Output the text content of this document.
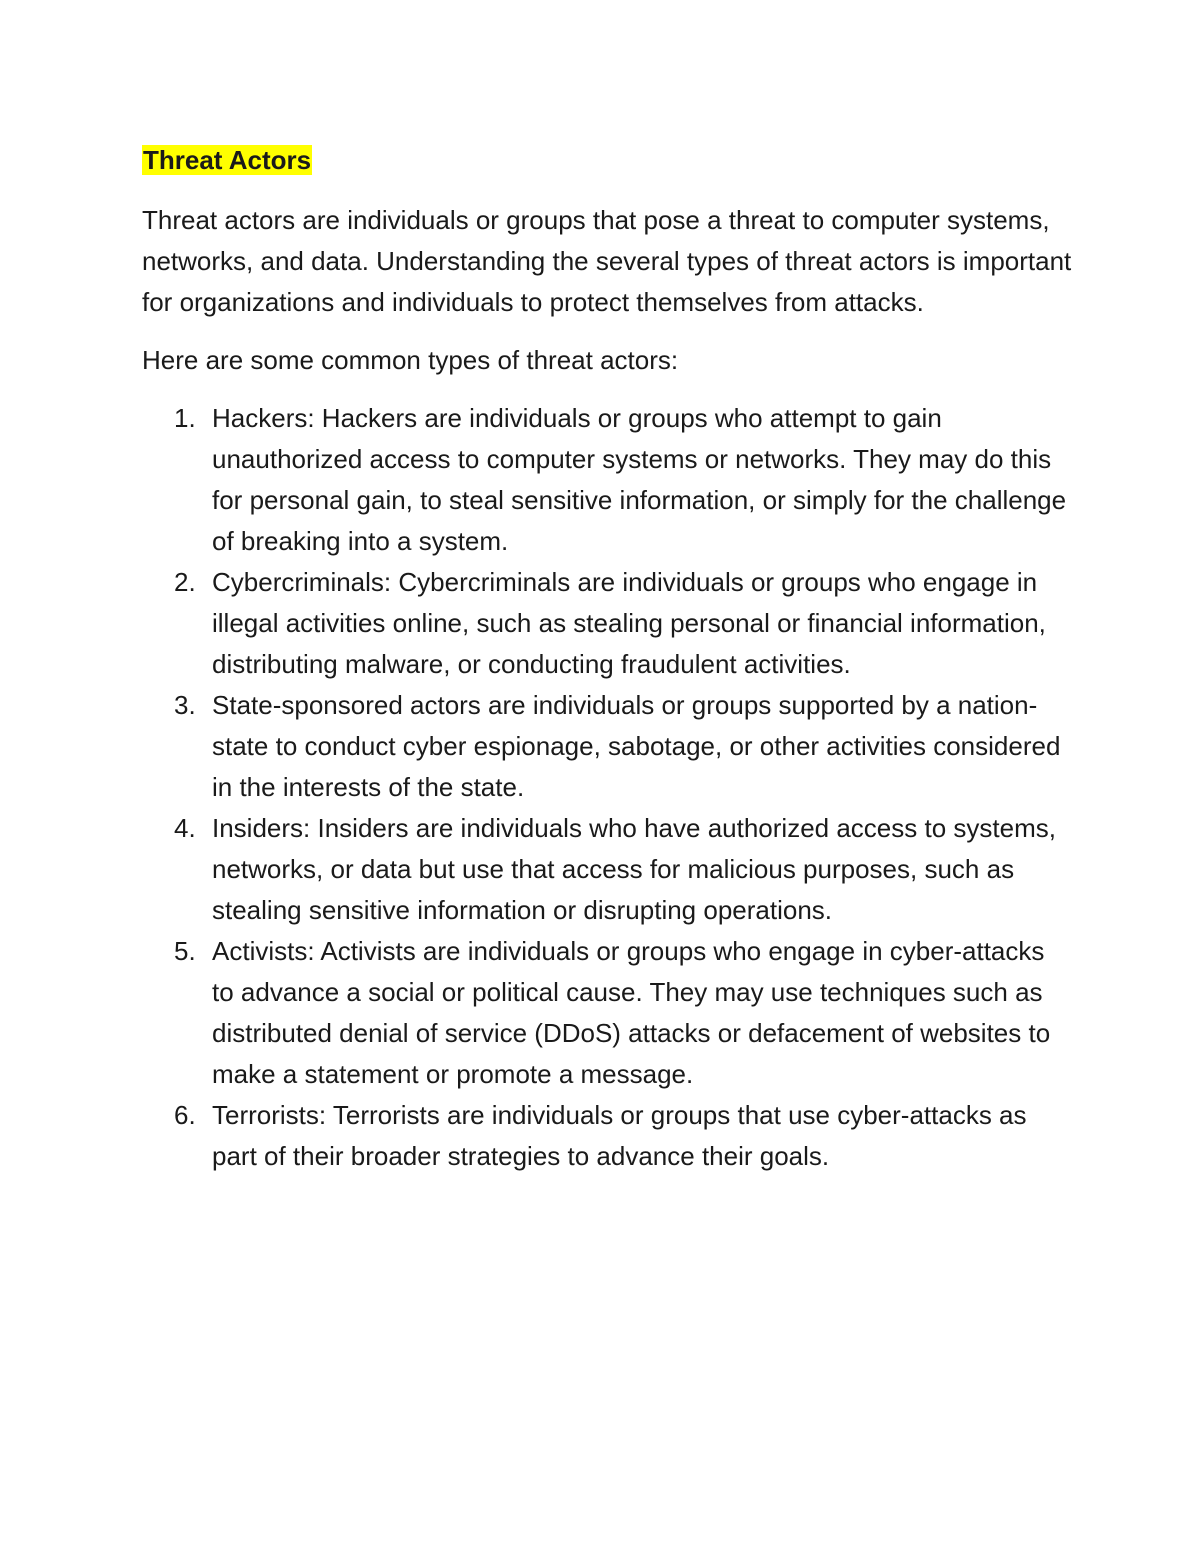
Threat Actors

Threat actors are individuals or groups that pose a threat to computer systems, networks, and data. Understanding the several types of threat actors is important for organizations and individuals to protect themselves from attacks.

Here are some common types of threat actors:

1. Hackers: Hackers are individuals or groups who attempt to gain unauthorized access to computer systems or networks. They may do this for personal gain, to steal sensitive information, or simply for the challenge of breaking into a system.
2. Cybercriminals: Cybercriminals are individuals or groups who engage in illegal activities online, such as stealing personal or financial information, distributing malware, or conducting fraudulent activities.
3. State-sponsored actors are individuals or groups supported by a nation-state to conduct cyber espionage, sabotage, or other activities considered in the interests of the state.
4. Insiders: Insiders are individuals who have authorized access to systems, networks, or data but use that access for malicious purposes, such as stealing sensitive information or disrupting operations.
5. Activists: Activists are individuals or groups who engage in cyber-attacks to advance a social or political cause. They may use techniques such as distributed denial of service (DDoS) attacks or defacement of websites to make a statement or promote a message.
6. Terrorists: Terrorists are individuals or groups that use cyber-attacks as part of their broader strategies to advance their goals.
